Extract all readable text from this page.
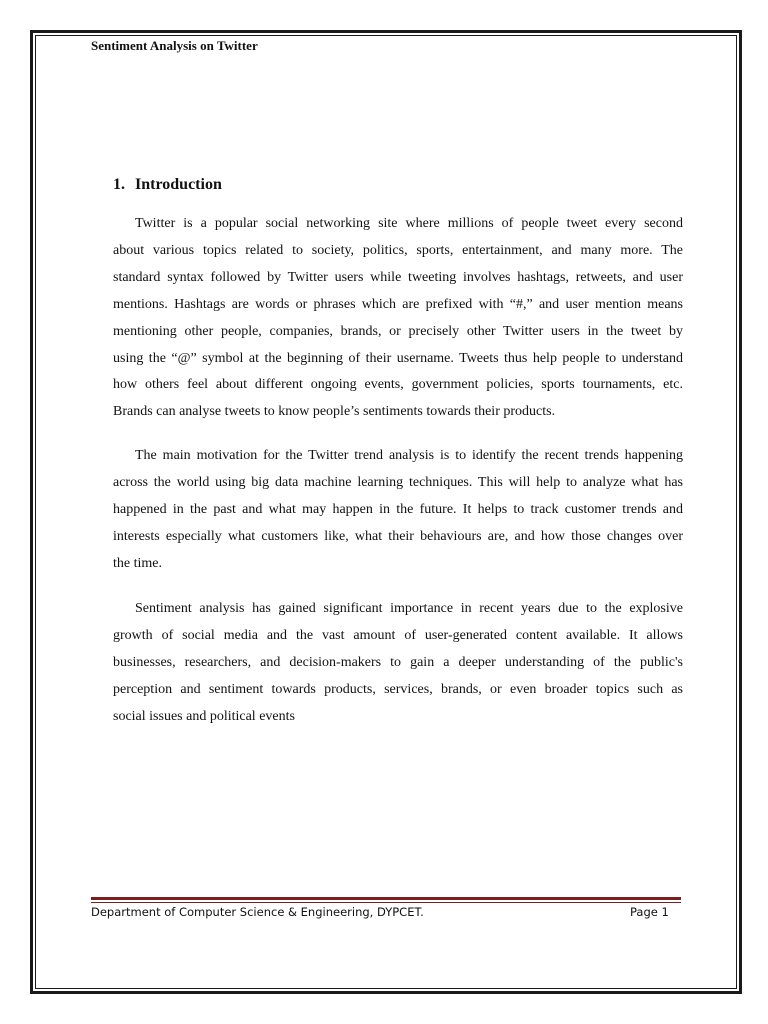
Sentiment Analysis on Twitter
1. Introduction
Twitter is a popular social networking site where millions of people tweet every second
about various topics related to society, politics, sports, entertainment, and many more. The
standard syntax followed by Twitter users while tweeting involves hashtags, retweets, and user
mentions. Hashtags are words or phrases which are prefixed with “#,” and user mention means
mentioning other people, companies, brands, or precisely other Twitter users in the tweet by
using the “@” symbol at the beginning of their username. Tweets thus help people to understand
how others feel about different ongoing events, government policies, sports tournaments, etc.
Brands can analyse tweets to know people’s sentiments towards their products.
The main motivation for the Twitter trend analysis is to identify the recent trends happening
across the world using big data machine learning techniques. This will help to analyze what has
happened in the past and what may happen in the future. It helps to track customer trends and
interests especially what customers like, what their behaviours are, and how those changes over
the time.
Sentiment analysis has gained significant importance in recent years due to the explosive
growth of social media and the vast amount of user-generated content available. It allows
businesses, researchers, and decision-makers to gain a deeper understanding of the public's
perception and sentiment towards products, services, brands, or even broader topics such as
social issues and political events
Department of Computer Science & Engineering, DYPCET.	Page 1
